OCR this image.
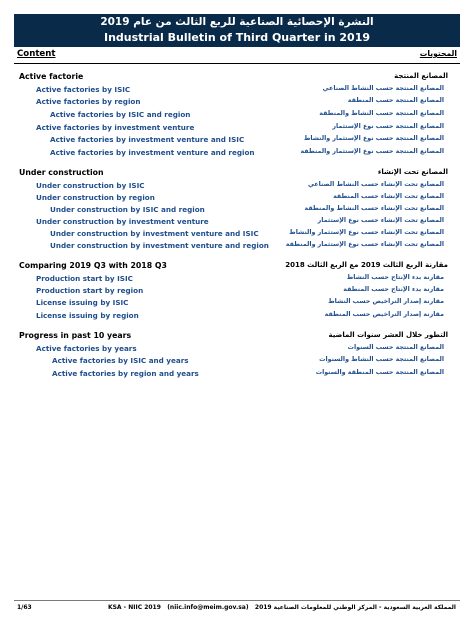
النشرة الإحصائية الصناعية للربع الثالث من عام 2019
Industrial Bulletin of Third Quarter in 2019
Content	المحتويات
Active factorie	المصانع المنتجة
Active factories by ISIC	المصانع المنتجة حسب النشاط الصناعي
Active factories by region	المصانع المنتجة حسب المنطقة
Active factories by ISIC and region	المصانع المنتجة حسب النشاط والمنطقة
Active factories by investment venture	المصانع المنتجة حسب نوع الإستثمار
Active factories by investment venture and ISIC	المصانع المنتجة حسب نوع الإستثمار والنشاط
Active factories by investment venture and region	المصانع المنتجة حسب نوع الإستثمار والمنطقة
Under construction	المصانع تحت الإنشاء
Under construction by ISIC	المصانع تحت الإنشاء حسب النشاط الصناعي
Under construction by region	المصانع تحت الإنشاء حسب المنطقة
Under construction by ISIC and region	المصانع تحت الإنشاء حسب النشاط والمنطقة
Under construction by investment venture	المصانع تحت الإنشاء حسب نوع الإستثمار
Under construction by investment venture and ISIC	المصانع تحت الإنشاء حسب نوع الإستثمار والنشاط
Under construction by investment venture and region	المصانع تحت الإنشاء حسب نوع الإستثمار والمنطقة
Comparing 2019 Q3 with 2018 Q3	مقارنة الربع الثالث 2019 مع الربع الثالث 2018
Production start by ISIC	مقارنة بدء الإنتاج حسب النشاط
Production start by region	مقارنة بدء الإنتاج حسب المنطقة
License issuing by ISIC	مقارنة إصدار التراخيص حسب النشاط
License issuing by region	مقارنة إصدار التراخيص حسب المنطقة
Progress in past 10 years	التطور خلال العشر سنوات الماضية
Active factories by years	المصانع المنتجة حسب السنوات
Active factories by ISIC and years	المصانع المنتجة حسب النشاط والسنوات
Active factories by region and years	المصانع المنتجة حسب المنطقة والسنوات
1/63	KSA - NIIC 2019 (niic.info@meim.gov.sa) المملكة العربية السعودية - المركز الوطني للمعلومات الصناعية 2019
